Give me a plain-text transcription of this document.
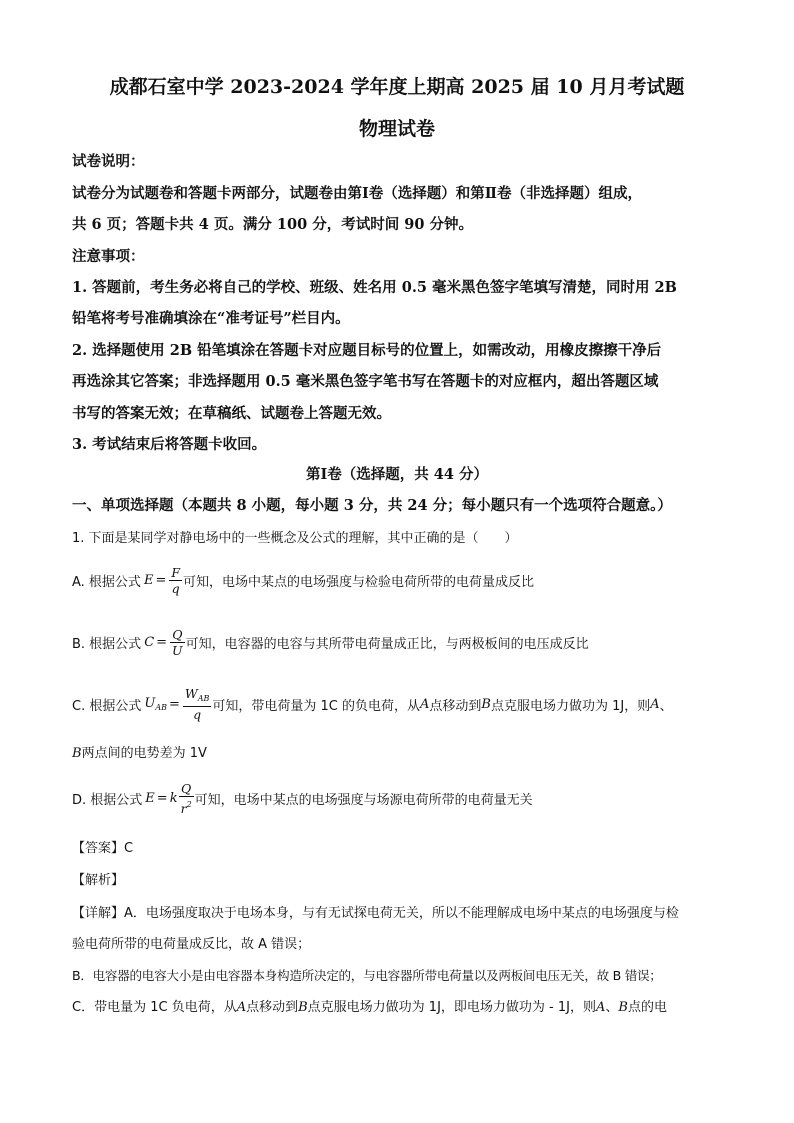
成都石室中学 2023-2024 学年度上期高 2025 届 10 月月考试题
物理试卷
试卷说明：
试卷分为试题卷和答题卡两部分，试题卷由第Ⅰ卷（选择题）和第Ⅱ卷（非选择题）组成，
共 6 页；答题卡共 4 页。满分 100 分，考试时间 90 分钟。
注意事项：
1. 答题前，考生务必将自己的学校、班级、姓名用 0.5 毫米黑色签字笔填写清楚，同时用 2B
铅笔将考号准确填涂在“准考证号”栏目内。
2. 选择题使用 2B 铅笔填涂在答题卡对应题目标号的位置上，如需改动，用橡皮擦擦干净后
再选涂其它答案；非选择题用 0.5 毫米黑色签字笔书写在答题卡的对应框内，超出答题区域
书写的答案无效；在草稿纸、试题卷上答题无效。
3. 考试结束后将答题卡收回。
第Ⅰ卷（选择题，共 44 分）
一、单项选择题（本题共 8 小题，每小题 3 分，共 24 分；每小题只有一个选项符合题意。）
1. 下面是某同学对静电场中的一些概念及公式的理解，其中正确的是（　　）
A. 根据公式 $E = \frac{F}{q}$ 可知，电场中某点的电场强度与检验电荷所带的电荷量成反比
B. 根据公式 $C = \frac{Q}{U}$ 可知，电容器的电容与其所带电荷量成正比，与两极板间的电压成反比
C. 根据公式 $U_{AB} = \frac{W_{AB}}{q}$ 可知，带电荷量为 1C 的负电荷，从 A 点移动到 B 点克服电场力做功为 1J，则 A 、
B两点间的电势差为 1V
D. 根据公式 E = k $\frac{Q}{r^2}$ 可知，电场中某点的电场强度与场源电荷所带的电荷量无关
【答案】C
【解析】
【详解】A．电场强度取决于电场本身，与有无试探电荷无关，所以不能理解成电场中某点的电场强度与检
验电荷所带的电荷量成反比，故 A 错误；
B．电容器的电容大小是由电容器本身构造所决定的，与电容器所带电荷量以及两板间电压无关，故 B 错误；
C．带电量为 1C 负电荷，从A点移动到B点克服电场力做功为 1J，即电场力做功为 - 1J，则A、B点的电
